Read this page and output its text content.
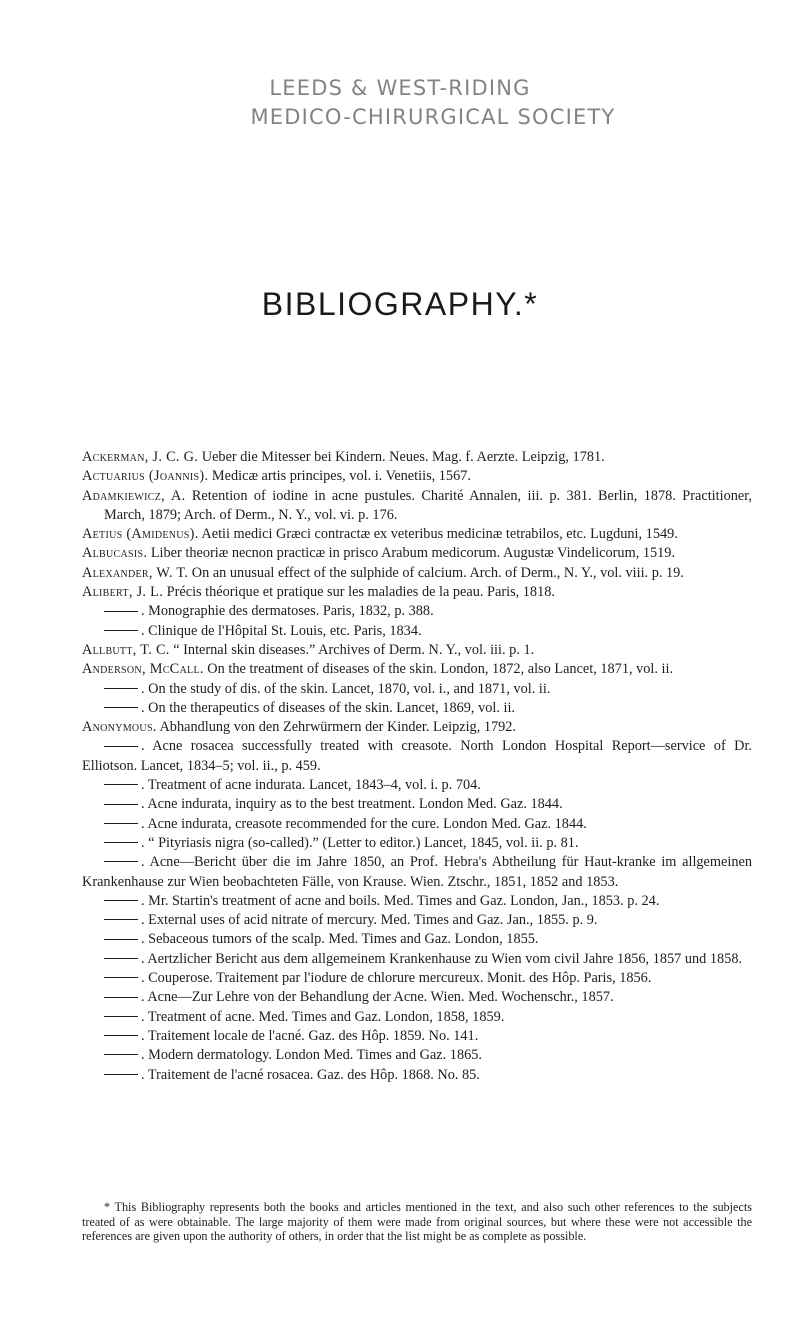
LEEDS & WEST-RIDING
MEDICO-CHIRURGICAL SOCIETY
BIBLIOGRAPHY.*

Ackerman, J. C. G. Ueber die Mitesser bei Kindern. Neues. Mag. f. Aerzte. Leipzig, 1781.

Actuarius (Joannis). Medicæ artis principes, vol. i. Venetiis, 1567.

Adamkiewicz, A. Retention of iodine in acne pustules. Charité Annalen, iii. p. 381. Berlin, 1878. Practitioner, March, 1879; Arch. of Derm., N. Y., vol. vi. p. 176.

Aetius (Amidenus). Aetii medici Græci contractæ ex veteribus medicinæ tetrabilos, etc. Lugduni, 1549.

Albucasis. Liber theoriæ necnon practicæ in prisco Arabum medicorum. Augustæ Vindelicorum, 1519.

Alexander, W. T. On an unusual effect of the sulphide of calcium. Arch. of Derm., N. Y., vol. viii. p. 19.

Alibert, J. L. Précis théorique et pratique sur les maladies de la peau. Paris, 1818.

. Monographie des dermatoses. Paris, 1832, p. 388.

. Clinique de l'Hôpital St. Louis, etc. Paris, 1834.

Allbutt, T. C. “ Internal skin diseases.” Archives of Derm. N. Y., vol. iii. p. 1.

Anderson, McCall. On the treatment of diseases of the skin. London, 1872, also Lancet, 1871, vol. ii.

. On the study of dis. of the skin. Lancet, 1870, vol. i., and 1871, vol. ii.

. On the therapeutics of diseases of the skin. Lancet, 1869, vol. ii.

Anonymous. Abhandlung von den Zehrwürmern der Kinder. Leipzig, 1792.

. Acne rosacea successfully treated with creasote. North London Hospital Report—service of Dr. Elliotson. Lancet, 1834–5; vol. ii., p. 459.

. Treatment of acne indurata. Lancet, 1843–4, vol. i. p. 704.

. Acne indurata, inquiry as to the best treatment. London Med. Gaz. 1844.

. Acne indurata, creasote recommended for the cure. London Med. Gaz. 1844.

. “ Pityriasis nigra (so-called).” (Letter to editor.) Lancet, 1845, vol. ii. p. 81.

. Acne—Bericht über die im Jahre 1850, an Prof. Hebra's Abtheilung für Haut-kranke im allgemeinen Krankenhause zur Wien beobachteten Fälle, von Krause. Wien. Ztschr., 1851, 1852 and 1853.

. Mr. Startin's treatment of acne and boils. Med. Times and Gaz. London, Jan., 1853. p. 24.

. External uses of acid nitrate of mercury. Med. Times and Gaz. Jan., 1855. p. 9.

. Sebaceous tumors of the scalp. Med. Times and Gaz. London, 1855.

. Aertzlicher Bericht aus dem allgemeinem Krankenhause zu Wien vom civil Jahre 1856, 1857 und 1858.

. Couperose. Traitement par l'iodure de chlorure mercureux. Monit. des Hôp. Paris, 1856.

. Acne—Zur Lehre von der Behandlung der Acne. Wien. Med. Wochenschr., 1857.

. Treatment of acne. Med. Times and Gaz. London, 1858, 1859.

. Traitement locale de l'acné. Gaz. des Hôp. 1859. No. 141.

. Modern dermatology. London Med. Times and Gaz. 1865.

. Traitement de l'acné rosacea. Gaz. des Hôp. 1868. No. 85.

* This Bibliography represents both the books and articles mentioned in the text, and also such other references to the subjects treated of as were obtainable. The large majority of them were made from original sources, but where these were not accessible the references are given upon the authority of others, in order that the list might be as complete as possible.
